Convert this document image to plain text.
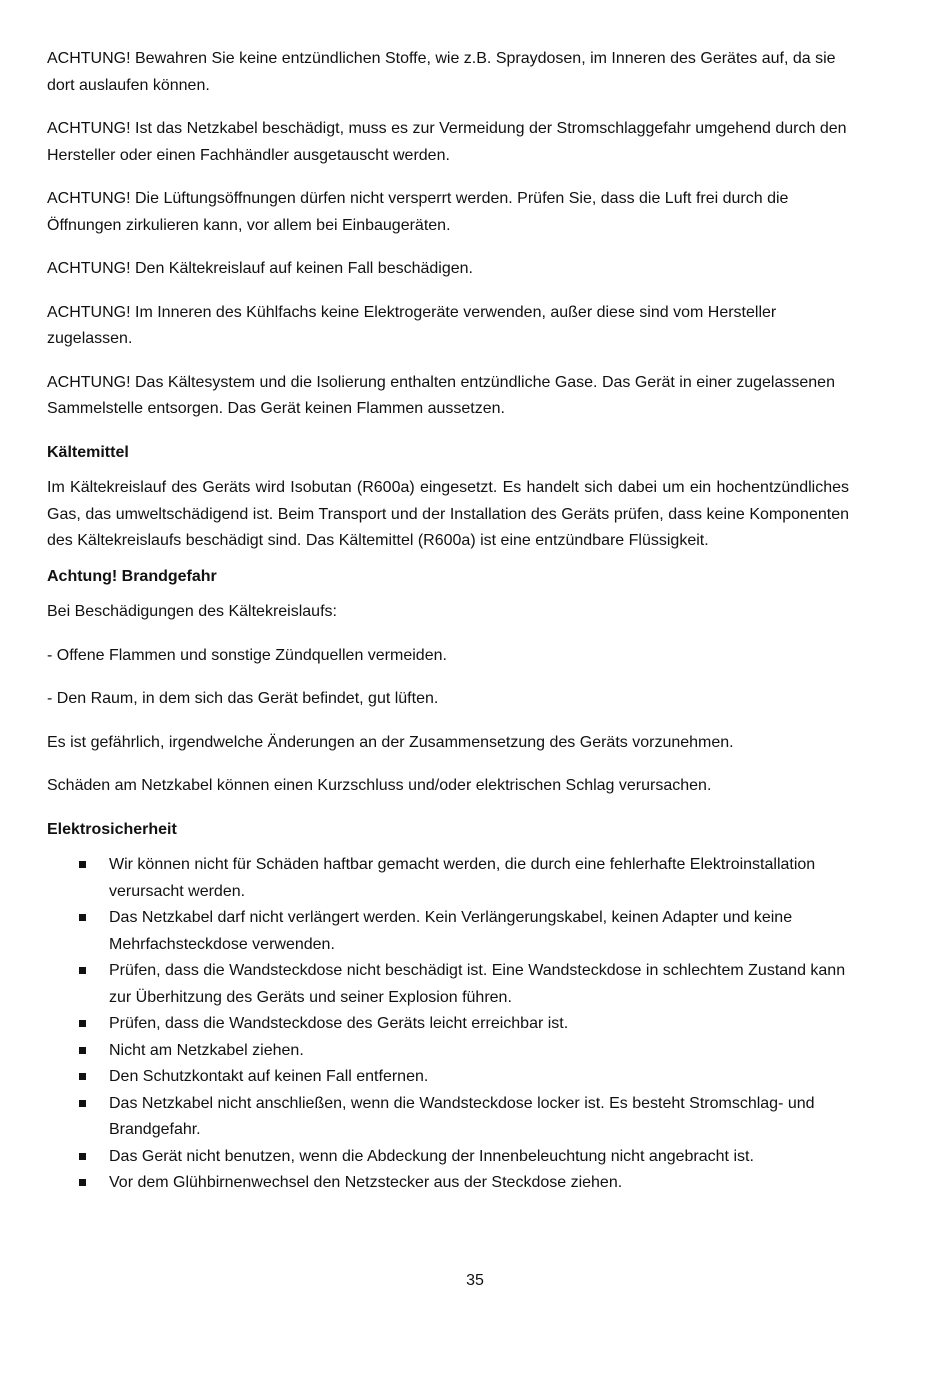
ACHTUNG! Bewahren Sie keine entzündlichen Stoffe, wie z.B. Spraydosen, im Inneren des Gerätes auf, da sie dort auslaufen können.

ACHTUNG! Ist das Netzkabel beschädigt, muss es zur Vermeidung der Stromschlaggefahr umgehend durch den Hersteller oder einen Fachhändler ausgetauscht werden.

ACHTUNG! Die Lüftungsöffnungen dürfen nicht versperrt werden. Prüfen Sie, dass die Luft frei durch die Öffnungen zirkulieren kann, vor allem bei Einbaugeräten.

ACHTUNG! Den Kältekreislauf auf keinen Fall beschädigen.

ACHTUNG! Im Inneren des Kühlfachs keine Elektrogeräte verwenden, außer diese sind vom Hersteller zugelassen.

ACHTUNG! Das Kältesystem und die Isolierung enthalten entzündliche Gase. Das Gerät in einer zugelassenen Sammelstelle entsorgen. Das Gerät keinen Flammen aussetzen.

Kältemittel

Im Kältekreislauf des Geräts wird Isobutan (R600a) eingesetzt. Es handelt sich dabei um ein hochentzündliches Gas, das umweltschädigend ist. Beim Transport und der Installation des Geräts prüfen, dass keine Komponenten des Kältekreislaufs beschädigt sind. Das Kältemittel (R600a) ist eine entzündbare Flüssigkeit.

Achtung! Brandgefahr

Bei Beschädigungen des Kältekreislaufs:

- Offene Flammen und sonstige Zündquellen vermeiden.

- Den Raum, in dem sich das Gerät befindet, gut lüften.

Es ist gefährlich, irgendwelche Änderungen an der Zusammensetzung des Geräts vorzunehmen.

Schäden am Netzkabel können einen Kurzschluss und/oder elektrischen Schlag verursachen.

Elektrosicherheit
Wir können nicht für Schäden haftbar gemacht werden, die durch eine fehlerhafte Elektroinstallation verursacht werden.
Das Netzkabel darf nicht verlängert werden. Kein Verlängerungskabel, keinen Adapter und keine Mehrfachsteckdose verwenden.
Prüfen, dass die Wandsteckdose nicht beschädigt ist. Eine Wandsteckdose in schlechtem Zustand kann zur Überhitzung des Geräts und seiner Explosion führen.
Prüfen, dass die Wandsteckdose des Geräts leicht erreichbar ist.
Nicht am Netzkabel ziehen.
Den Schutzkontakt auf keinen Fall entfernen.
Das Netzkabel nicht anschließen, wenn die Wandsteckdose locker ist. Es besteht Stromschlag- und Brandgefahr.
Das Gerät nicht benutzen, wenn die Abdeckung der Innenbeleuchtung nicht angebracht ist.
Vor dem Glühbirnenwechsel den Netzstecker aus der Steckdose ziehen.
35
